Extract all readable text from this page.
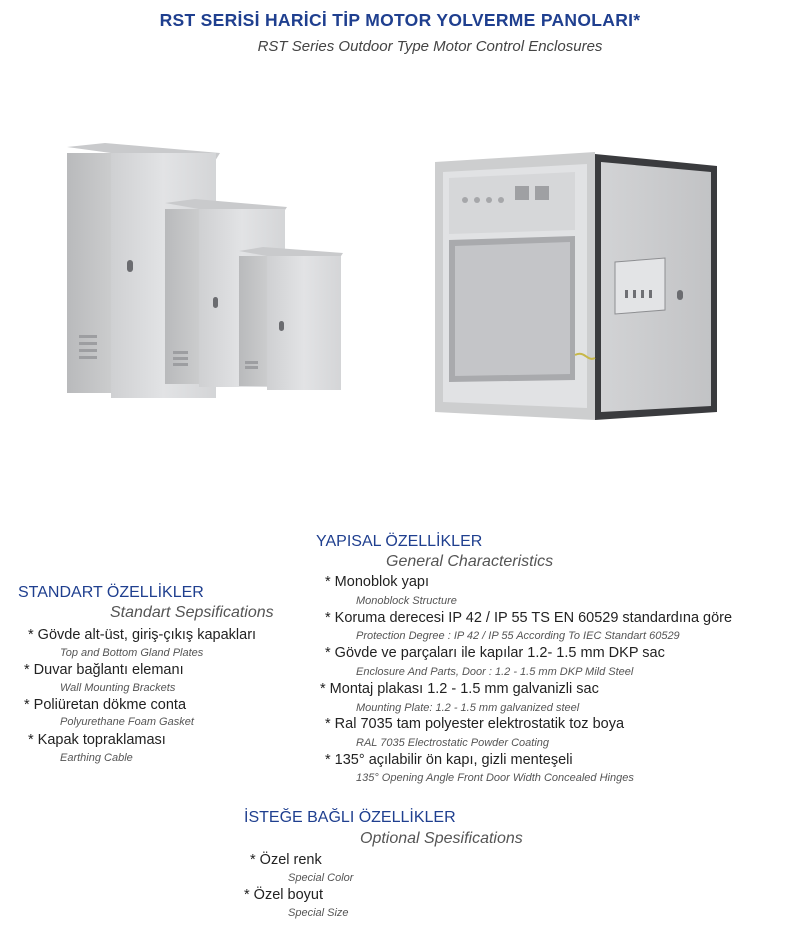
RST SERİSİ HARİCİ TİP MOTOR YOLVERME PANOLARI*
RST Series Outdoor Type Motor Control Enclosures
YAPISAL ÖZELLİKLER
General Characteristics
* Monoblok yapı
Monoblock Structure
* Koruma derecesi IP 42 / IP 55 TS EN 60529 standardına göre
Protection Degree : IP 42 / IP 55 According To IEC Standart 60529
* Gövde ve parçaları ile kapılar 1.2- 1.5 mm DKP sac
Enclosure And Parts, Door : 1.2 - 1.5 mm DKP Mild Steel
* Montaj plakası 1.2 - 1.5 mm galvanizli sac
Mounting Plate: 1.2 - 1.5 mm galvanized steel
* Ral 7035 tam polyester elektrostatik toz boya
RAL 7035 Electrostatic Powder Coating
* 135° açılabilir ön kapı, gizli menteşeli
135° Opening Angle Front Door Width Concealed Hinges
STANDART ÖZELLİKLER
Standart Sepsifications
* Gövde alt-üst, giriş-çıkış kapakları
Top and Bottom Gland Plates
* Duvar bağlantı elemanı
Wall Mounting Brackets
* Poliüretan dökme conta
Polyurethane Foam Gasket
* Kapak topraklaması
Earthing Cable
İSTEĞE BAĞLI ÖZELLİKLER
Optional Spesifications
* Özel renk
Special Color
* Özel boyut
Special Size
